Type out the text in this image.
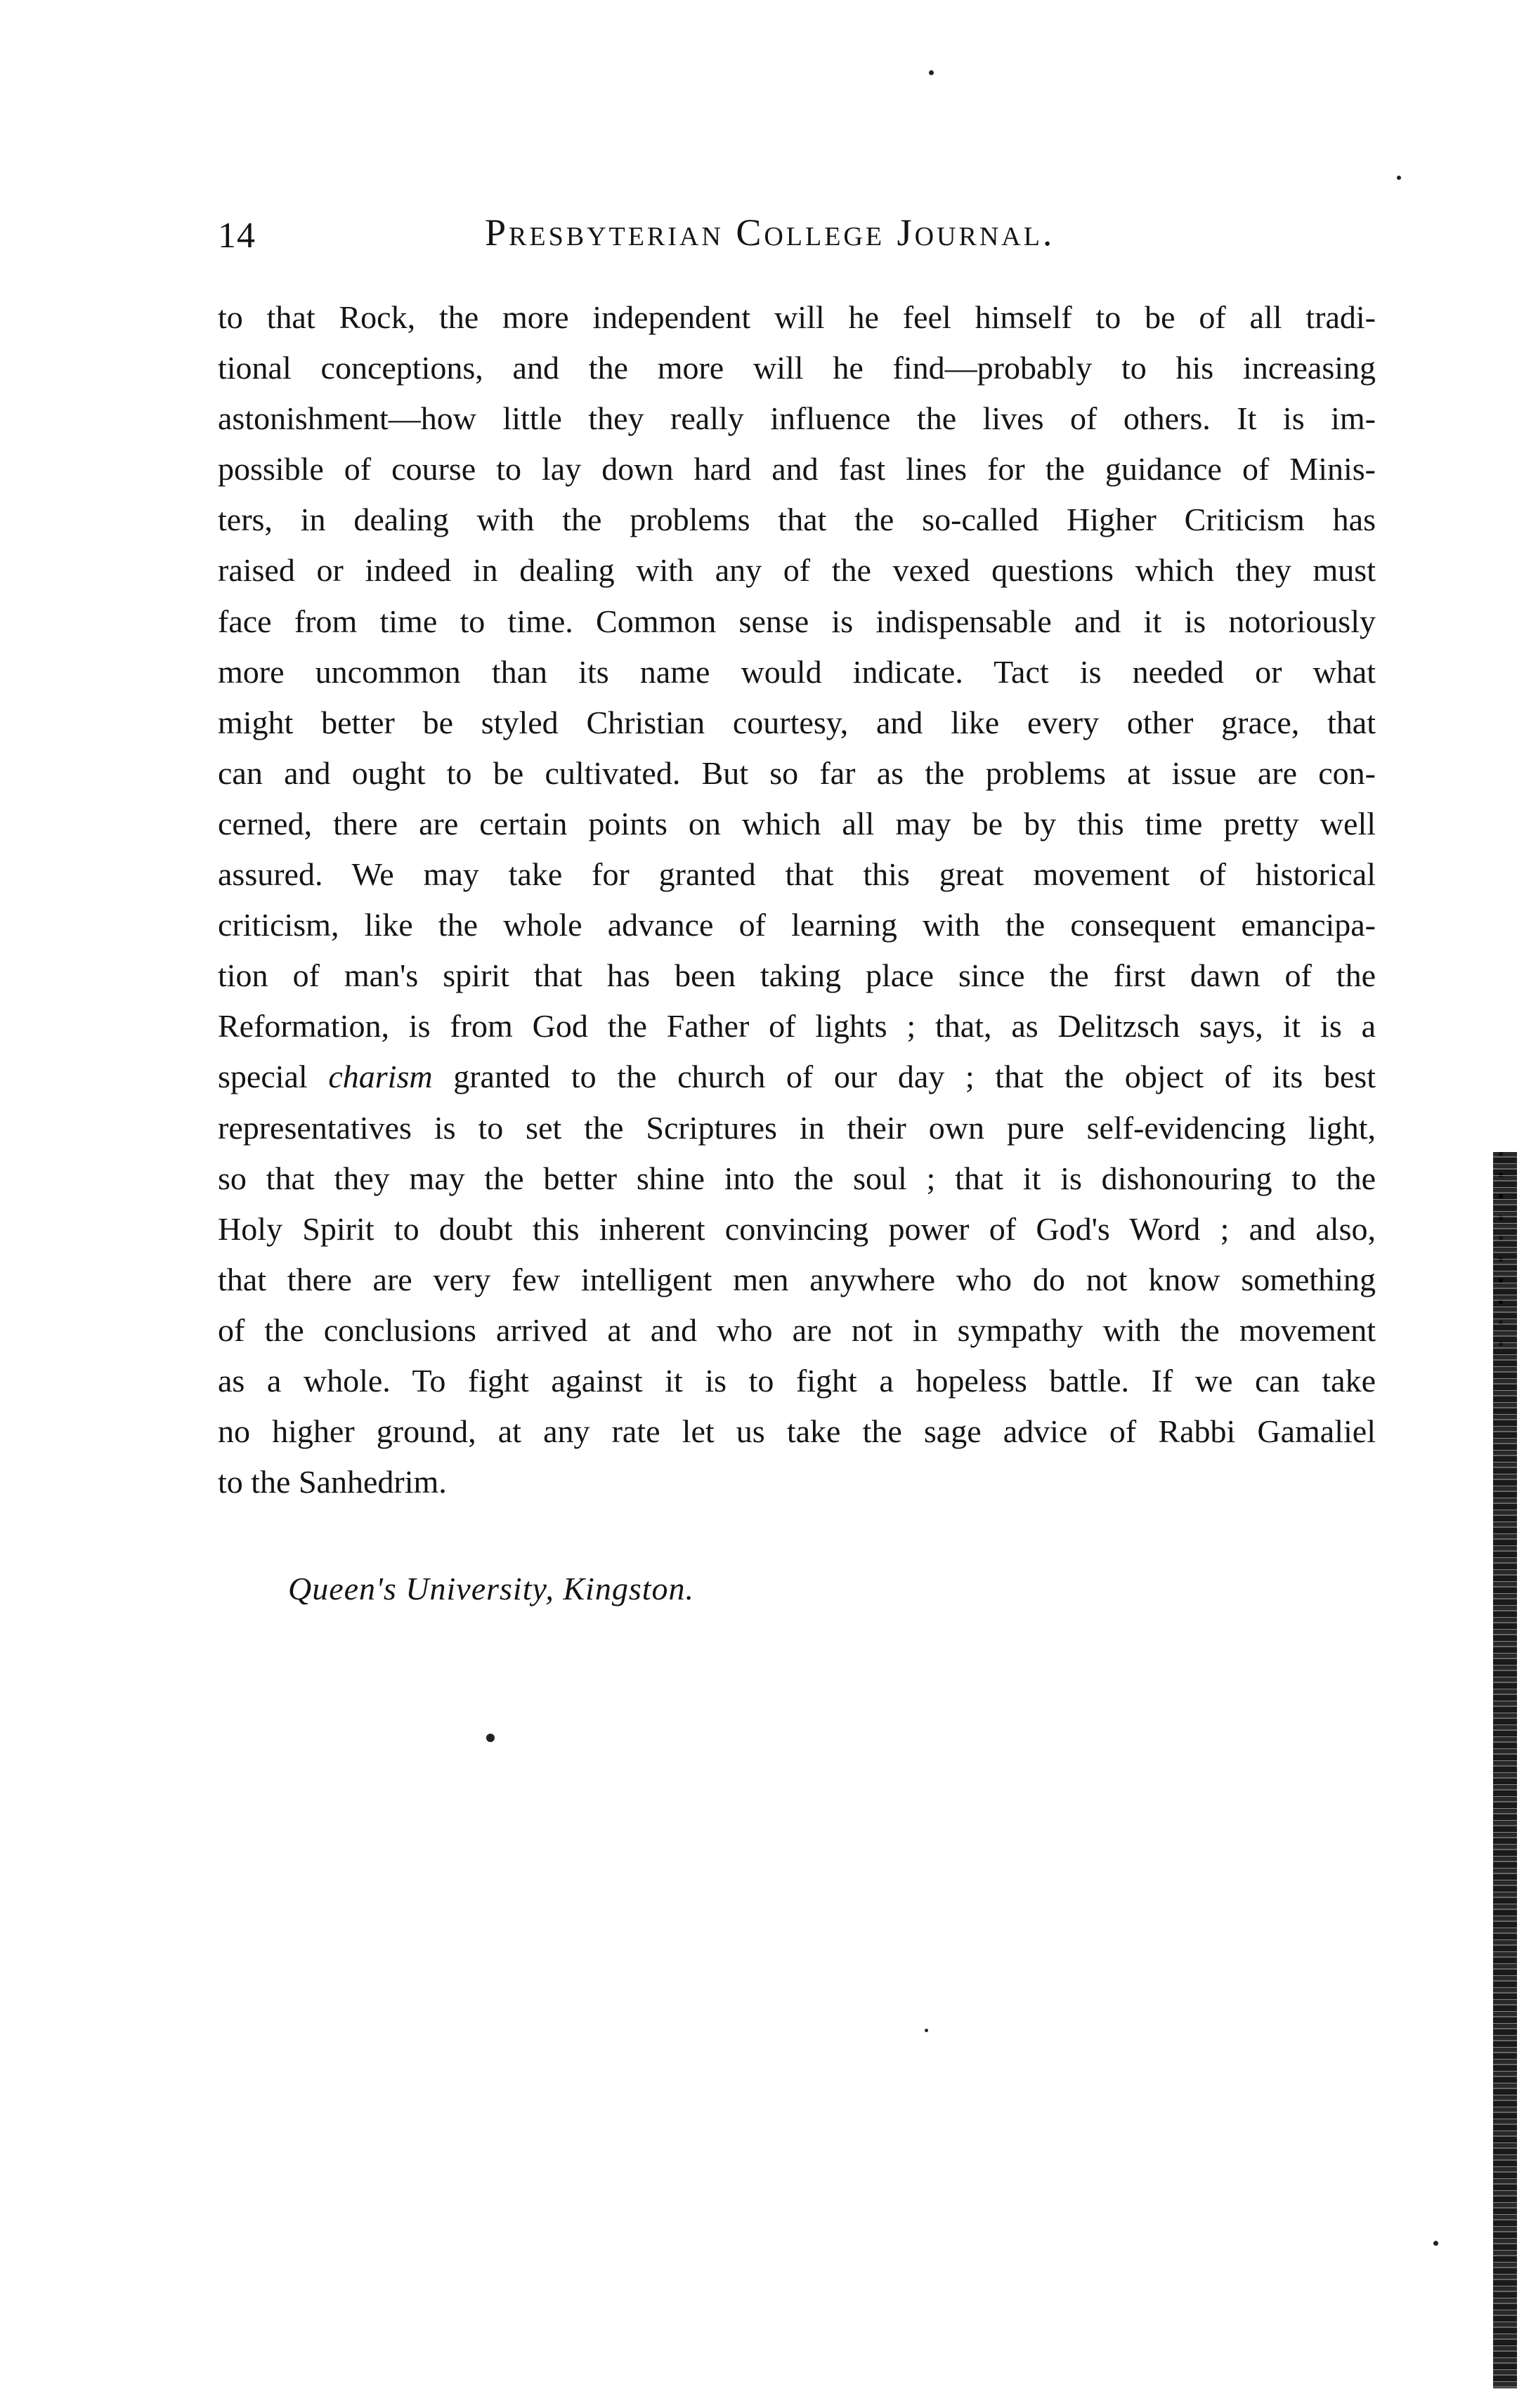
14	Presbyterian College Journal.
to that Rock, the more independent will he feel himself to be of all tradi-
tional conceptions, and the more will he find—probably to his increasing
astonishment—how little they really influence the lives of others. It is im-
possible of course to lay down hard and fast lines for the guidance of Minis-
ters, in dealing with the problems that the so-called Higher Criticism has
raised or indeed in dealing with any of the vexed questions which they must
face from time to time. Common sense is indispensable and it is notoriously
more uncommon than its name would indicate. Tact is needed or what
might better be styled Christian courtesy, and like every other grace, that
can and ought to be cultivated. But so far as the problems at issue are con-
cerned, there are certain points on which all may be by this time pretty well
assured. We may take for granted that this great movement of historical
criticism, like the whole advance of learning with the consequent emancipa-
tion of man's spirit that has been taking place since the first dawn of the
Reformation, is from God the Father of lights ; that, as Delitzsch says, it is a
special charism granted to the church of our day ; that the object of its best
representatives is to set the Scriptures in their own pure self-evidencing light,
so that they may the better shine into the soul ; that it is dishonouring to the
Holy Spirit to doubt this inherent convincing power of God's Word ; and also,
that there are very few intelligent men anywhere who do not know something
of the conclusions arrived at and who are not in sympathy with the movement
as a whole. To fight against it is to fight a hopeless battle. If we can take
no higher ground, at any rate let us take the sage advice of Rabbi Gamaliel
to the Sanhedrim.
Queen's University, Kingston.
